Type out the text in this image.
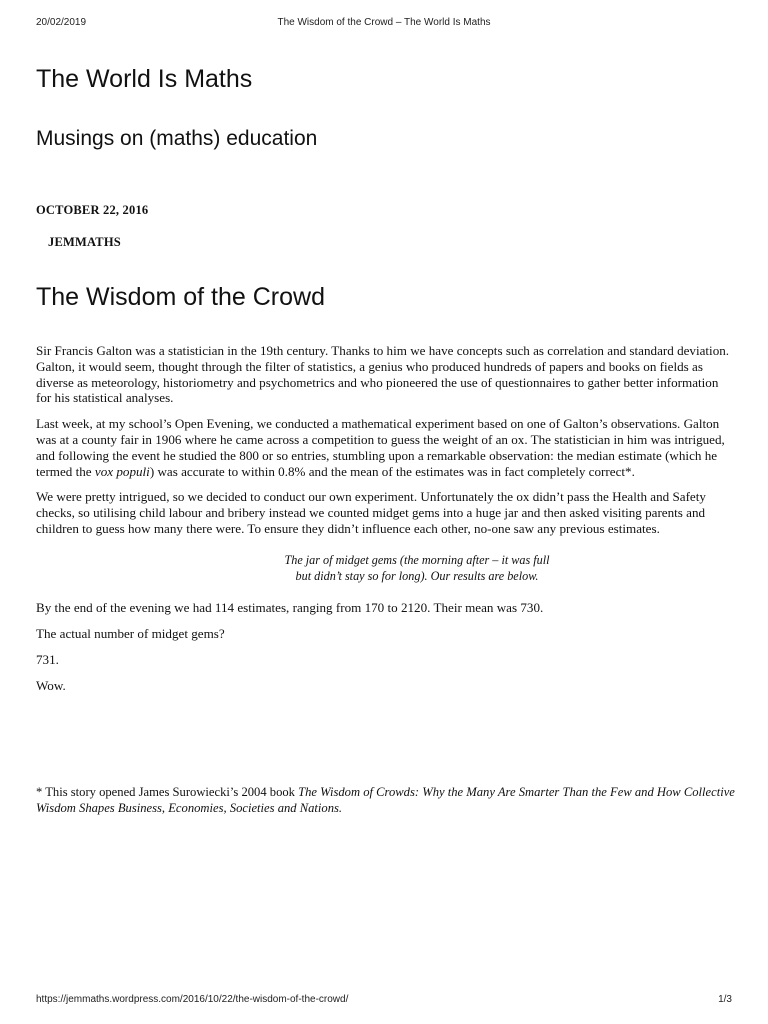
20/02/2019	The Wisdom of the Crowd – The World Is Maths
The World Is Maths
Musings on (maths) education
OCTOBER 22, 2016
JEMMATHS
The Wisdom of the Crowd

Sir Francis Galton was a statistician in the 19th century. Thanks to him we have concepts such as correlation and standard deviation. Galton, it would seem, thought through the filter of statistics, a genius who produced hundreds of papers and books on fields as diverse as meteorology, historiometry and psychometrics and who pioneered the use of questionnaires to gather better information for his statistical analyses.

Last week, at my school’s Open Evening, we conducted a mathematical experiment based on one of Galton’s observations. Galton was at a county fair in 1906 where he came across a competition to guess the weight of an ox. The statistician in him was intrigued, and following the event he studied the 800 or so entries, stumbling upon a remarkable observation: the median estimate (which he termed the vox populi) was accurate to within 0.8% and the mean of the estimates was in fact completely correct*.

We were pretty intrigued, so we decided to conduct our own experiment. Unfortunately the ox didn’t pass the Health and Safety checks, so utilising child labour and bribery instead we counted midget gems into a huge jar and then asked visiting parents and children to guess how many there were. To ensure they didn’t influence each other, no-one saw any previous estimates.

The jar of midget gems (the morning after – it was full but didn’t stay so for long). Our results are below.

By the end of the evening we had 114 estimates, ranging from 170 to 2120. Their mean was 730.

The actual number of midget gems?

731.

Wow.

* This story opened James Surowiecki’s 2004 book The Wisdom of Crowds: Why the Many Are Smarter Than the Few and How Collective Wisdom Shapes Business, Economies, Societies and Nations.
https://jemmaths.wordpress.com/2016/10/22/the-wisdom-of-the-crowd/	1/3
